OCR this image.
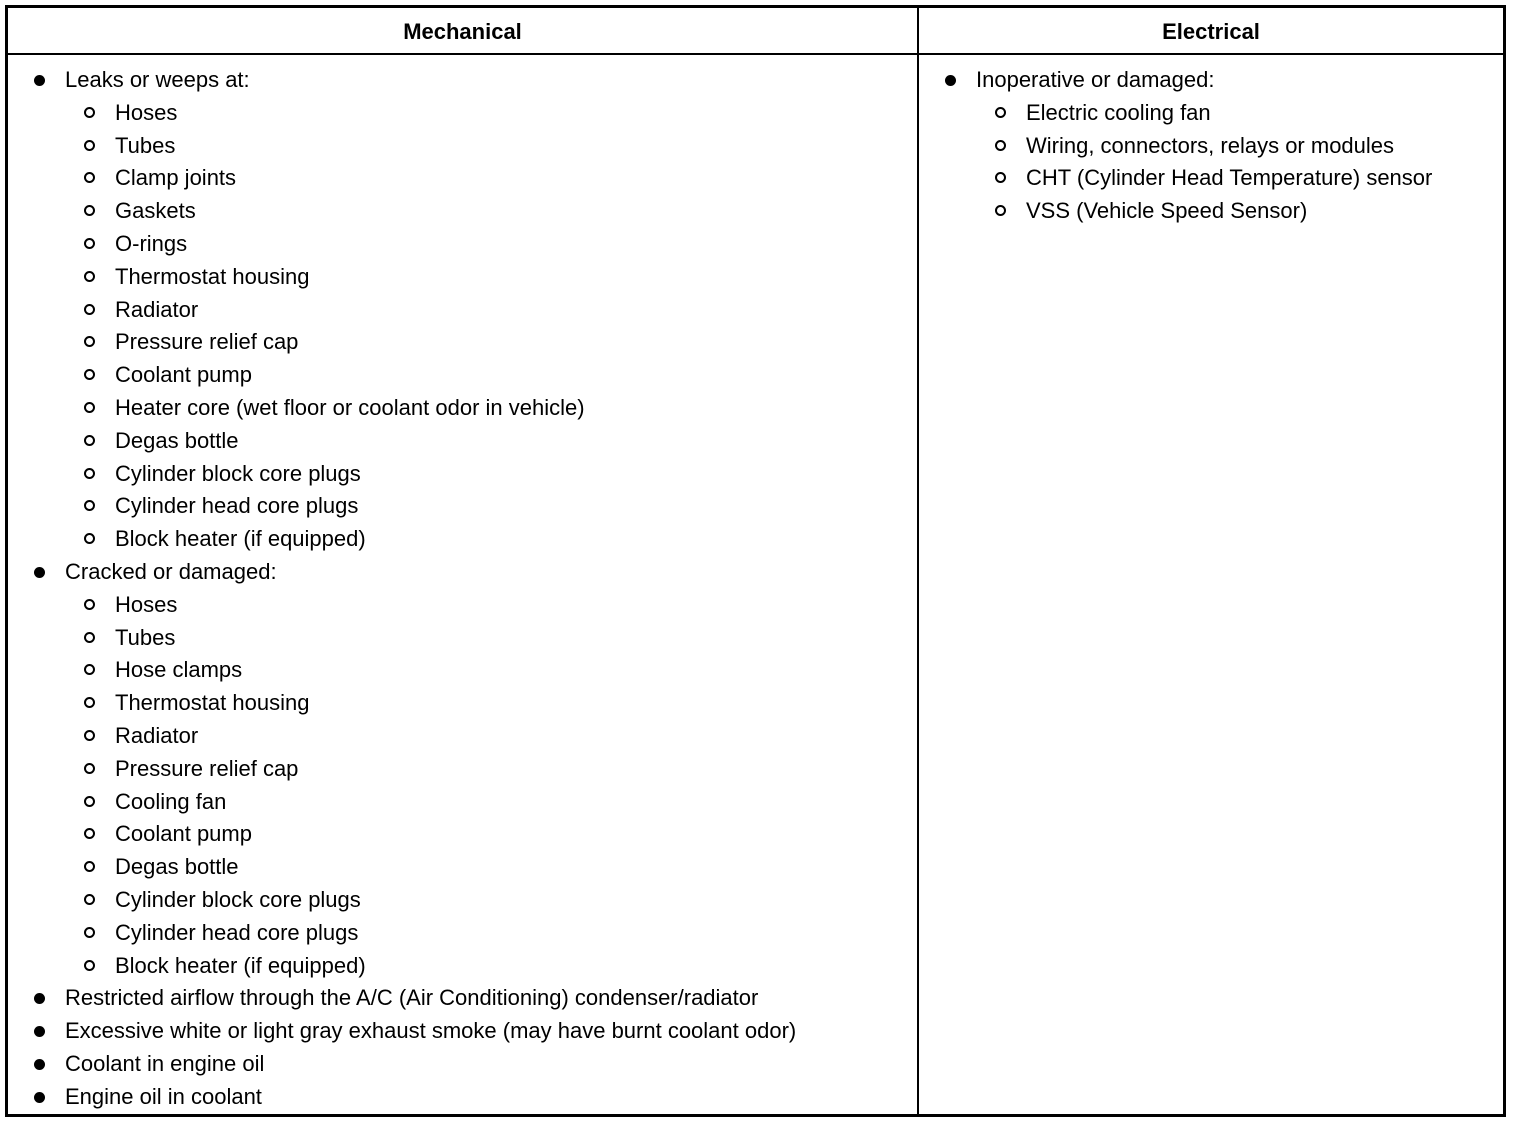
Mechanical	Electrical
Leaks or weeps at:
Hoses
Tubes
Clamp joints
Gaskets
O-rings
Thermostat housing
Radiator
Pressure relief cap
Coolant pump
Heater core (wet floor or coolant odor in vehicle)
Degas bottle
Cylinder block core plugs
Cylinder head core plugs
Block heater (if equipped)
Cracked or damaged:
Hoses
Tubes
Hose clamps
Thermostat housing
Radiator
Pressure relief cap
Cooling fan
Coolant pump
Degas bottle
Cylinder block core plugs
Cylinder head core plugs
Block heater (if equipped)
Restricted airflow through the A/C (Air Conditioning) condenser/radiator
Excessive white or light gray exhaust smoke (may have burnt coolant odor)
Coolant in engine oil
Engine oil in coolant
Inoperative or damaged:
Electric cooling fan
Wiring, connectors, relays or modules
CHT (Cylinder Head Temperature) sensor
VSS (Vehicle Speed Sensor)
